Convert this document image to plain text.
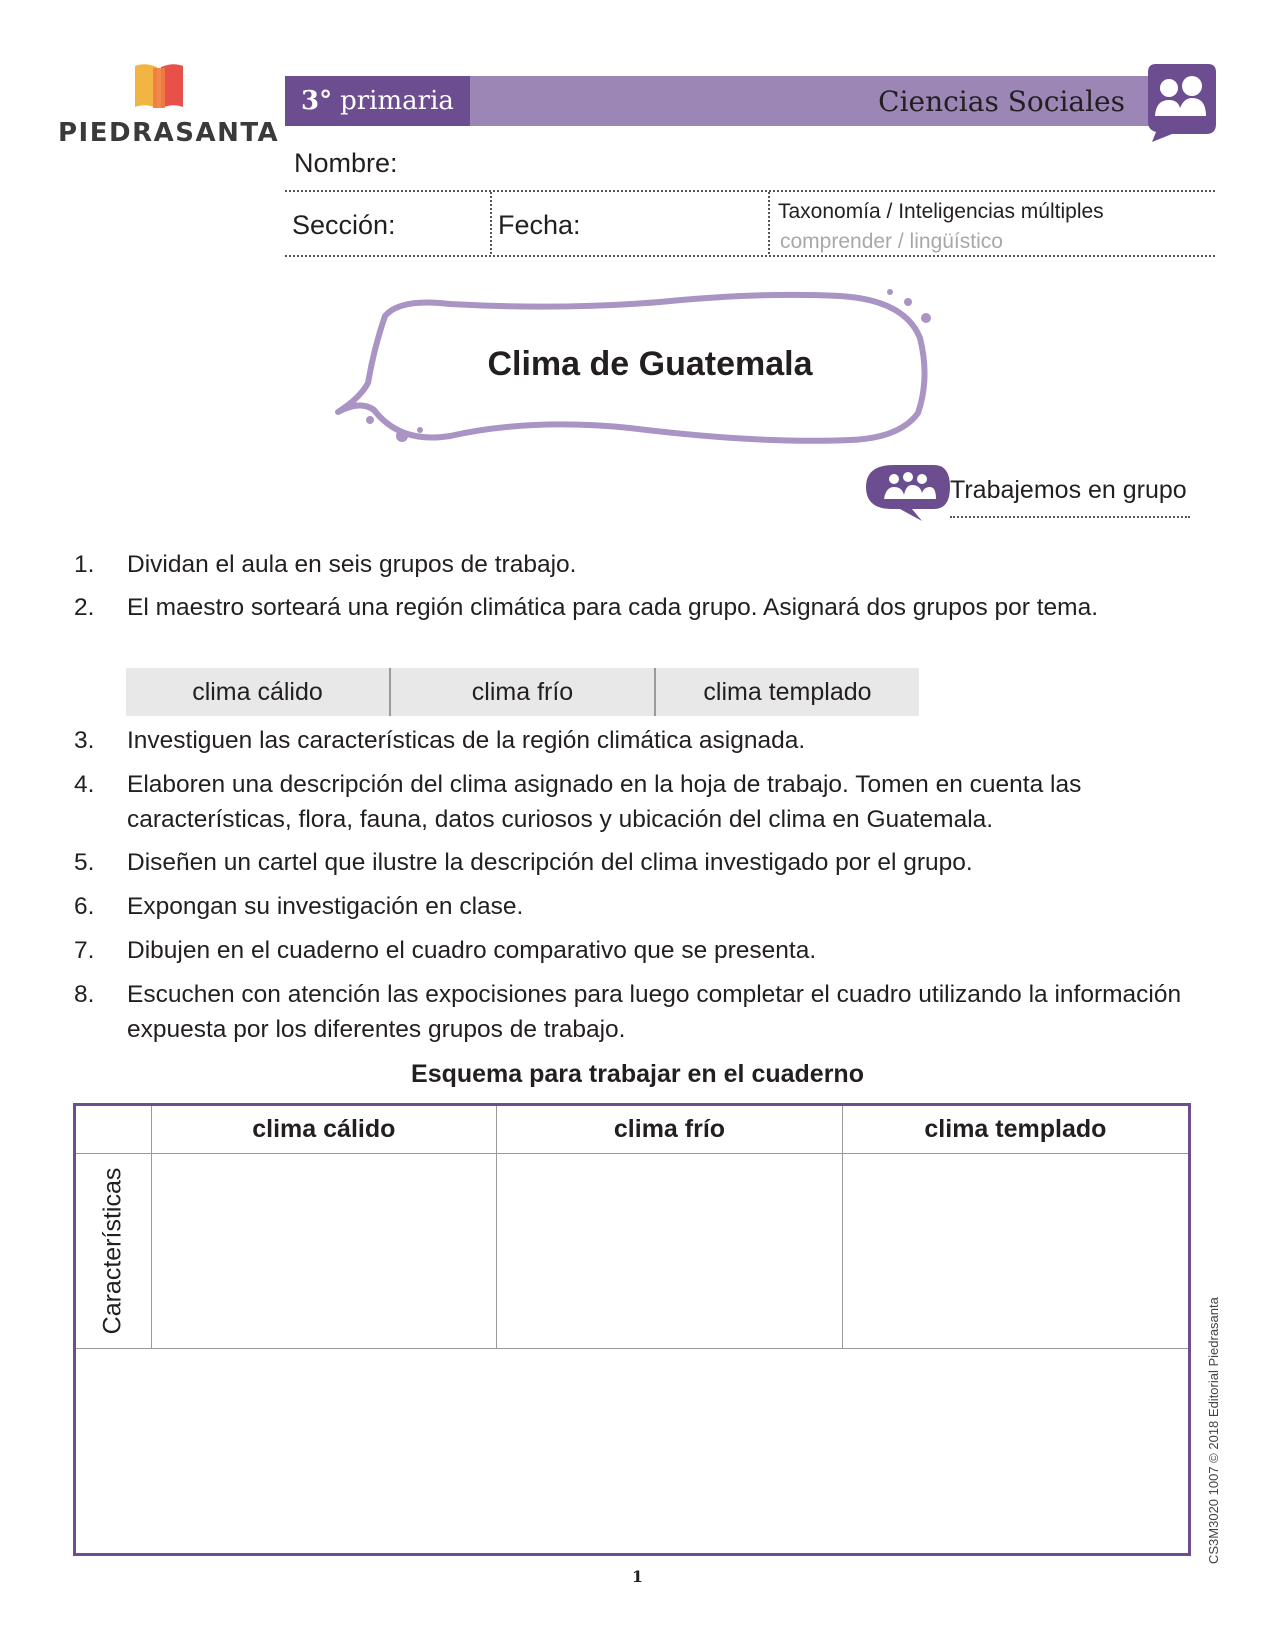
PIEDRASANTA
3° primaria	Ciencias Sociales
Nombre:
Sección:	Fecha:	Taxonomía / Inteligencias múltiples
comprender / lingüístico
Clima de Guatemala
Trabajemos en grupo
1.	Dividan el aula en seis grupos de trabajo.
2.	El maestro sorteará una región climática para cada grupo. Asignará dos grupos por tema.
clima cálido	clima frío	clima templado
3.	Investiguen las características de la región climática asignada.
4.	Elaboren una descripción del clima asignado en la hoja de trabajo. Tomen en cuenta las características, flora, fauna, datos curiosos y ubicación del clima en Guatemala.
5.	Diseñen un cartel que ilustre la descripción del clima investigado por el grupo.
6.	Expongan su investigación en clase.
7.	Dibujen en el cuaderno el cuadro comparativo que se presenta.
8.	Escuchen con atención las expocisiones para luego completar el cuadro utilizando la información expuesta por los diferentes grupos de trabajo.
Esquema para trabajar en el cuaderno
	clima cálido	clima frío	clima templado

Características			

1
CS3M3020 1007 © 2018 Editorial Piedrasanta
